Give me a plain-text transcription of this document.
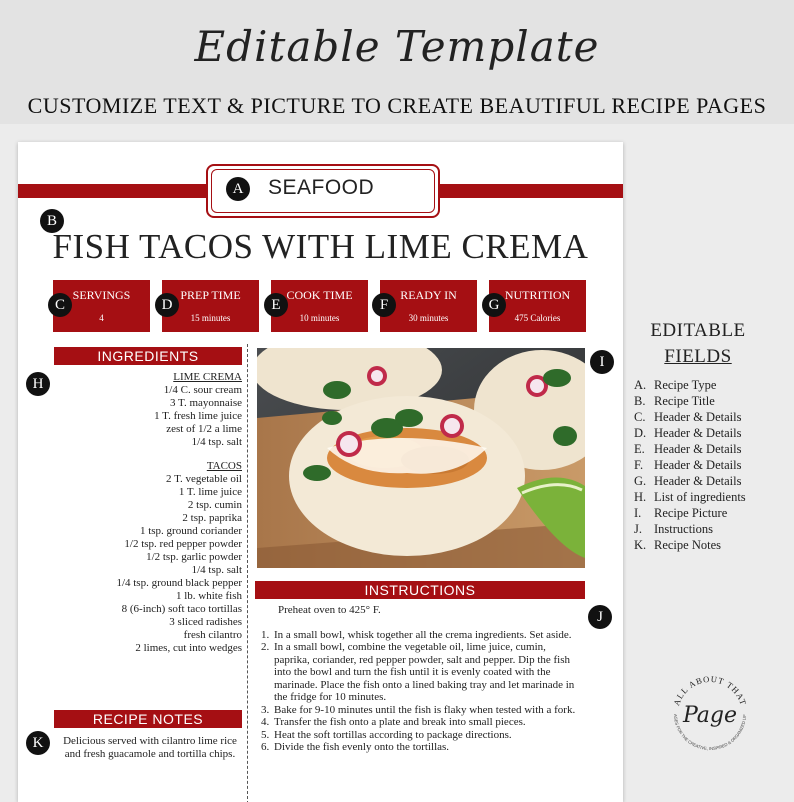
Editable Template
CUSTOMIZE TEXT & PICTURE TO CREATE BEAUTIFUL RECIPE PAGES
SEAFOOD
A
B
FISH TACOS WITH LIME CREMA
SERVINGS
4
PREP TIME
15 minutes
COOK TIME
10 minutes
READY IN
30 minutes
NUTRITION
475 Calories
C	D	E	F	G
INGREDIENTS
H	LIME CREMA
1/4 C. sour cream
3 T. mayonnaise
1 T. fresh lime juice
zest of 1/2 a lime
1/4 tsp. salt
TACOS
2 T. vegetable oil
1 T. lime juice
2 tsp. cumin
2 tsp. paprika
1 tsp. ground coriander
1/2 tsp. red pepper powder
1/2 tsp. garlic powder
1/4 tsp. salt
1/4 tsp. ground black pepper
1 lb. white fish
8 (6-inch) soft taco tortillas
3 sliced radishes
fresh cilantro
2 limes, cut into wedges
RECIPE NOTES
K	Delicious served with cilantro lime rice and fresh guacamole and tortilla chips.
I
INSTRUCTIONS
J
Preheat oven to 425° F.
1. In a small bowl, whisk together all the crema ingredients. Set aside.
2. In a small bowl, combine the vegetable oil, lime juice, cumin, paprika, coriander, red pepper powder, salt and pepper. Dip the fish into the bowl and turn the fish until it is evenly coated with the marinade. Place the fish onto a lined baking tray and let marinade in the fridge for 10 minutes.
3. Bake for 9-10 minutes until the fish is flaky when tested with a fork.
4. Transfer the fish onto a plate and break into small pieces.
5. Heat the soft tortillas according to package directions.
6. Divide the fish evenly onto the tortillas.
EDITABLE
FIELDS
A. Recipe Type
B. Recipe Title
C. Header & Details
D. Header & Details
E. Header & Details
F. Header & Details
G. Header & Details
H. List of ingredients
I. Recipe Picture
J. Instructions
K. Recipe Notes
ALL ABOUT THAT
Page
AGES FOR THE CREATIVE, INSPIRED & ORGANIZED LIF
